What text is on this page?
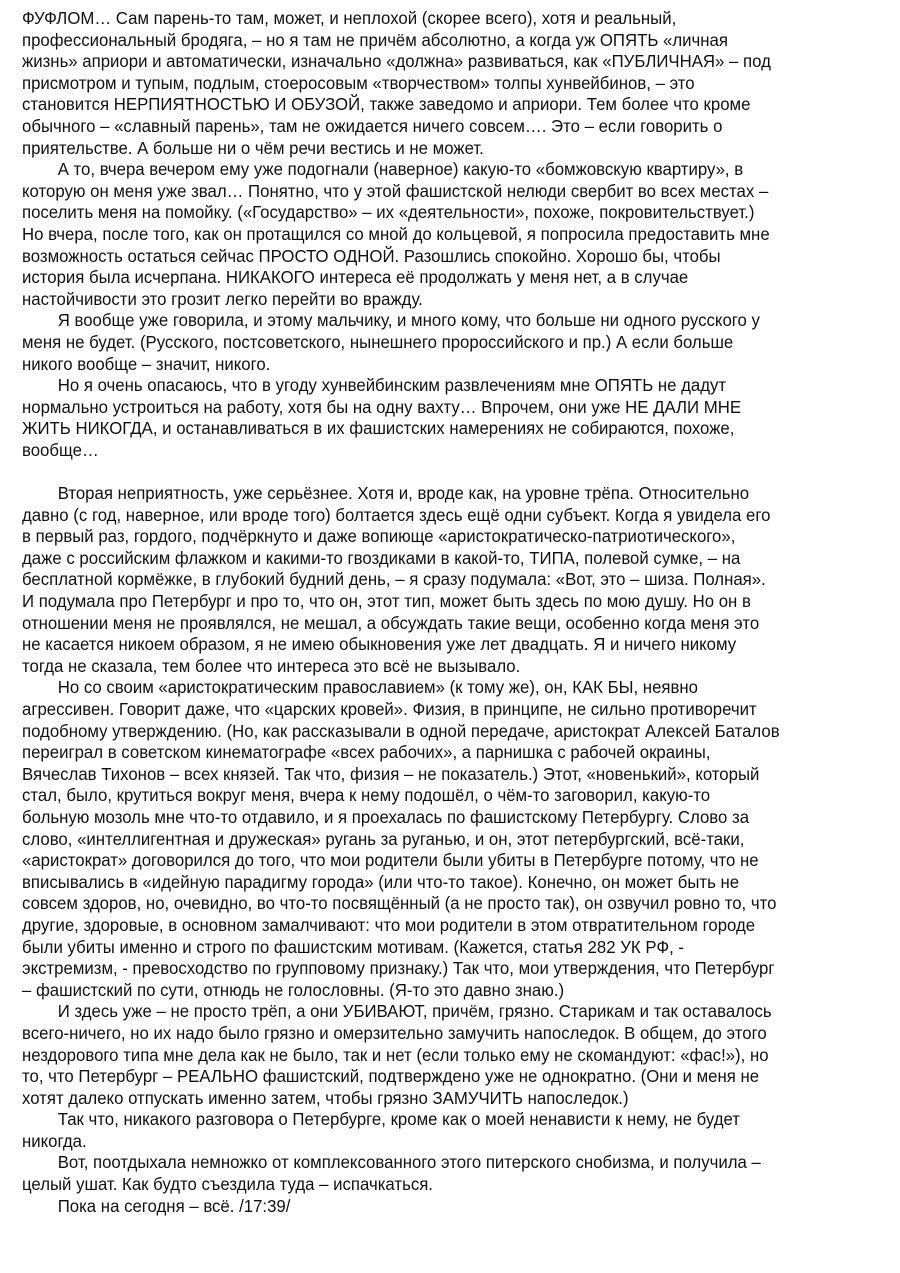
ФУФЛОМ… Сам парень-то там, может, и неплохой (скорее всего), хотя и реальный,
профессиональный бродяга, – но я там не причём абсолютно, а когда уж ОПЯТЬ «личная
жизнь» априори и автоматически, изначально «должна» развиваться, как «ПУБЛИЧНАЯ» – под
присмотром и тупым, подлым, стоеросовым «творчеством» толпы хунвейбинов, – это
становится НЕРПИЯТНОСТЬЮ И ОБУЗОЙ, также заведомо и априори. Тем более что кроме
обычного – «славный парень», там не ожидается ничего совсем…. Это – если говорить о
приятельстве. А больше ни о чём речи вестись и не может.
А то, вчера вечером ему уже подогнали (наверное) какую-то «бомжовскую квартиру», в
которую он меня уже звал… Понятно, что у этой фашистской нелюди свербит во всех местах –
поселить меня на помойку. («Государство» – их «деятельности», похоже, покровительствует.)
Но вчера, после того, как он протащился со мной до кольцевой, я попросила предоставить мне
возможность остаться сейчас ПРОСТО ОДНОЙ. Разошлись спокойно. Хорошо бы, чтобы
история была исчерпана. НИКАКОГО интереса её продолжать у меня нет, а в случае
настойчивости это грозит легко перейти во вражду.
Я вообще уже говорила, и этому мальчику, и много кому, что больше ни одного русского у
меня не будет. (Русского, постсоветского, нынешнего пророссийского и пр.) А если больше
никого вообще – значит, никого.
Но я очень опасаюсь, что в угоду хунвейбинским развлечениям мне ОПЯТЬ не дадут
нормально устроиться на работу, хотя бы на одну вахту… Впрочем, они уже НЕ ДАЛИ МНЕ
ЖИТЬ НИКОГДА, и останавливаться в их фашистских намерениях не собираются, похоже,
вообще…
Вторая неприятность, уже серьёзнее. Хотя и, вроде как, на уровне трёпа. Относительно
давно (с год, наверное, или вроде того) болтается здесь ещё одни субъект. Когда я увидела его
в первый раз, гордого, подчёркнуто и даже вопиюще «аристократическо-патриотического»,
даже с российским флажком и какими-то гвоздиками в какой-то, ТИПА, полевой сумке, – на
бесплатной кормёжке, в глубокий будний день, – я сразу подумала: «Вот, это – шиза. Полная».
И подумала про Петербург и про то, что он, этот тип, может быть здесь по мою душу. Но он в
отношении меня не проявлялся, не мешал, а обсуждать такие вещи, особенно когда меня это
не касается никоем образом, я не имею обыкновения уже лет двадцать. Я и ничего никому
тогда не сказала, тем более что интереса это всё не вызывало.
Но со своим «аристократическим православием» (к тому же), он, КАК БЫ, неявно
агрессивен. Говорит даже, что «царских кровей». Физия, в принципе, не сильно противоречит
подобному утверждению. (Но, как рассказывали в одной передаче, аристократ Алексей Баталов
переиграл в советском кинематографе «всех рабочих», а парнишка с рабочей окраины,
Вячеслав Тихонов – всех князей. Так что, физия – не показатель.) Этот, «новенький», который
стал, было, крутиться вокруг меня, вчера к нему подошёл, о чём-то заговорил, какую-то
больную мозоль мне что-то отдавило, и я проехалась по фашистскому Петербургу. Слово за
слово, «интеллигентная и дружеская» ругань за руганью, и он, этот петербургский, всё-таки,
«аристократ» договорился до того, что мои родители были убиты в Петербурге потому, что не
вписывались в «идейную парадигму города» (или что-то такое). Конечно, он может быть не
совсем здоров, но, очевидно, во что-то посвящённый (а не просто так), он озвучил ровно то, что
другие, здоровые, в основном замалчивают: что мои родители в этом отвратительном городе
были убиты именно и строго по фашистским мотивам. (Кажется, статья 282 УК РФ, -
экстремизм, - превосходство по групповому признаку.) Так что, мои утверждения, что Петербург
– фашистский по сути, отнюдь не голословны. (Я-то это давно знаю.)
И здесь уже – не просто трёп, а они УБИВАЮТ, причём, грязно. Старикам и так оставалось
всего-ничего, но их надо было грязно и омерзительно замучить напоследок. В общем, до этого
нездорового типа мне дела как не было, так и нет (если только ему не скомандуют: «фас!»), но
то, что Петербург – РЕАЛЬНО фашистский, подтверждено уже не однократно. (Они и меня не
хотят далеко отпускать именно затем, чтобы грязно ЗАМУЧИТЬ напоследок.)
Так что, никакого разговора о Петербурге, кроме как о моей ненависти к нему, не будет
никогда.
Вот, поотдыхала немножко от комплексованного этого питерского снобизма, и получила –
целый ушат. Как будто съездила туда – испачкаться.
Пока на сегодня – всё. /17:39/
